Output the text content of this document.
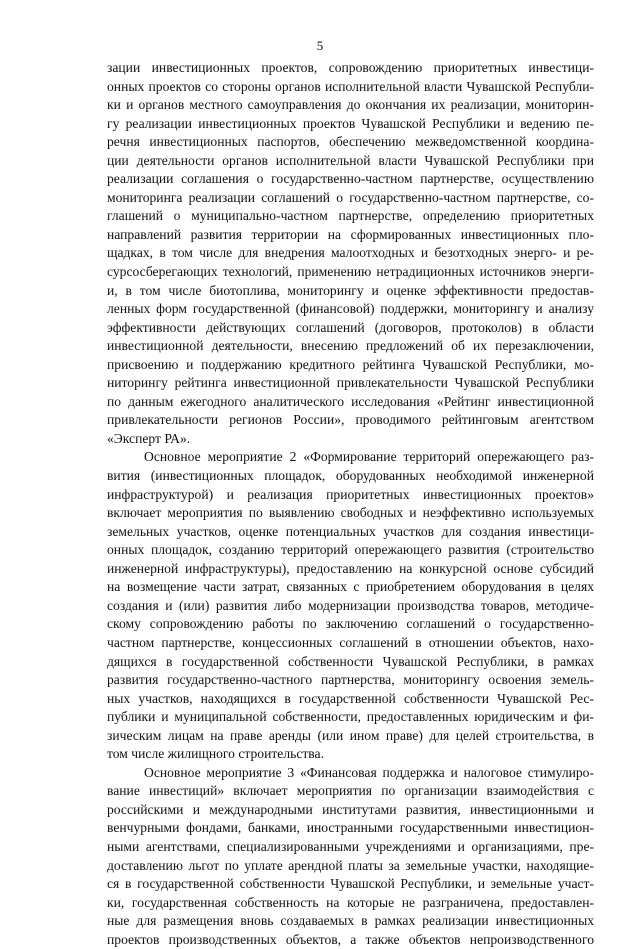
5
зации инвестиционных проектов, сопровождению приоритетных инвестици-
онных проектов со стороны органов исполнительной власти Чувашской Республи-
ки и органов местного самоуправления до окончания их реализации, мониторин-
гу реализации инвестиционных проектов Чувашской Республики и ведению пе-
речня инвестиционных паспортов, обеспечению межведомственной координа-
ции деятельности органов исполнительной власти Чувашской Республики при
реализации соглашения о государственно-частном партнерстве, осуществлению
мониторинга реализации соглашений о государственно-частном партнерстве, со-
глашений о муниципально-частном партнерстве, определению приоритетных
направлений развития территории на сформированных инвестиционных пло-
щадках, в том числе для внедрения малоотходных и безотходных энерго- и ре-
сурсосберегающих технологий, применению нетрадиционных источников энерги-
и, в том числе биотоплива, мониторингу и оценке эффективности предостав-
ленных форм государственной (финансовой) поддержки, мониторингу и анализу
эффективности действующих соглашений (договоров, протоколов) в области
инвестиционной деятельности, внесению предложений об их перезаключении,
присвоению и поддержанию кредитного рейтинга Чувашской Республики, мо-
ниторингу рейтинга инвестиционной привлекательности Чувашской Республики
по данным ежегодного аналитического исследования «Рейтинг инвестиционной
привлекательности регионов России», проводимого рейтинговым агентством
«Эксперт РА».
Основное мероприятие 2 «Формирование территорий опережающего раз-
вития (инвестиционных площадок, оборудованных необходимой инженерной
инфраструктурой) и реализация приоритетных инвестиционных проектов»
включает мероприятия по выявлению свободных и неэффективно используемых
земельных участков, оценке потенциальных участков для создания инвестици-
онных площадок, созданию территорий опережающего развития (строительство
инженерной инфраструктуры), предоставлению на конкурсной основе субсидий
на возмещение части затрат, связанных с приобретением оборудования в целях
создания и (или) развития либо модернизации производства товаров, методиче-
скому сопровождению работы по заключению соглашений о государственно-
частном партнерстве, концессионных соглашений в отношении объектов, нахо-
дящихся в государственной собственности Чувашской Республики, в рамках
развития государственно-частного партнерства, мониторингу освоения земель-
ных участков, находящихся в государственной собственности Чувашской Рес-
публики и муниципальной собственности, предоставленных юридическим и фи-
зическим лицам на праве аренды (или ином праве) для целей строительства, в
том числе жилищного строительства.
Основное мероприятие 3 «Финансовая поддержка и налоговое стимулиро-
вание инвестиций» включает мероприятия по организации взаимодействия с
российскими и международными институтами развития, инвестиционными и
венчурными фондами, банками, иностранными государственными инвестицион-
ными агентствами, специализированными учреждениями и организациями, пре-
доставлению льгот по уплате арендной платы за земельные участки, находящие-
ся в государственной собственности Чувашской Республики, и земельные участ-
ки, государственная собственность на которые не разграничена, предоставлен-
ные для размещения вновь создаваемых в рамках реализации инвестиционных
проектов производственных объектов, а также объектов непроизводственного
